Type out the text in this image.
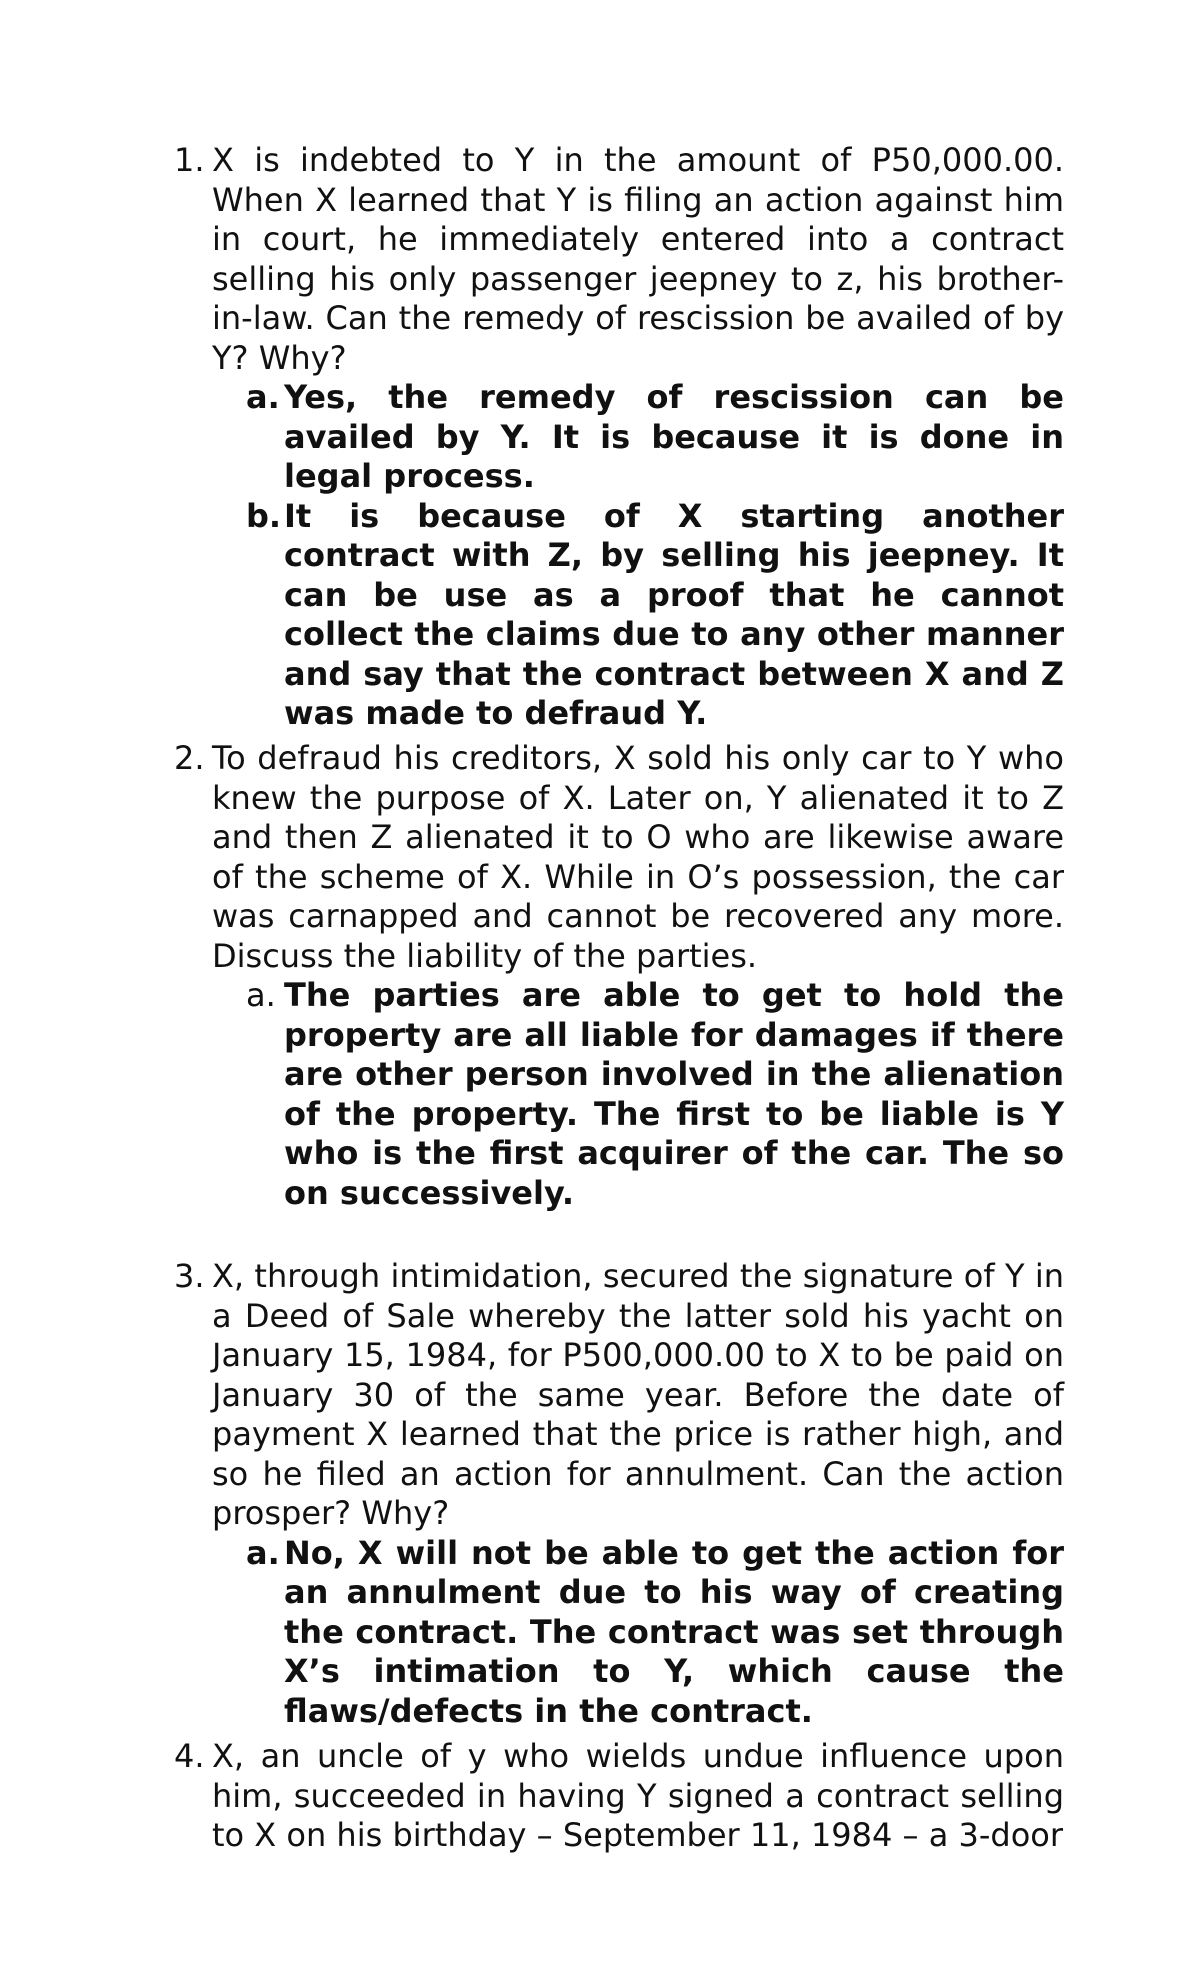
1. X is indebted to Y in the amount of P50,000.00. When X learned that Y is filing an action against him in court, he immediately entered into a contract selling his only passenger jeepney to z, his brother-in-law. Can the remedy of rescission be availed of by Y? Why?
a. Yes, the remedy of rescission can be availed by Y. It is because it is done in legal process.
b. It is because of X starting another contract with Z, by selling his jeepney. It can be use as a proof that he cannot collect the claims due to any other manner and say that the contract between X and Z was made to defraud Y.
2. To defraud his creditors, X sold his only car to Y who knew the purpose of X. Later on, Y alienated it to Z and then Z alienated it to O who are likewise aware of the scheme of X. While in O’s possession, the car was carnapped and cannot be recovered any more. Discuss the liability of the parties.
a. The parties are able to get to hold the property are all liable for damages if there are other person involved in the alienation of the property. The first to be liable is Y who is the first acquirer of the car. The so on successively.
3. X, through intimidation, secured the signature of Y in a Deed of Sale whereby the latter sold his yacht on January 15, 1984, for P500,000.00 to X to be paid on January 30 of the same year. Before the date of payment X learned that the price is rather high, and so he filed an action for annulment. Can the action prosper? Why?
a. No, X will not be able to get the action for an annulment due to his way of creating the contract. The contract was set through X’s intimation to Y, which cause the flaws/defects in the contract.
4. X, an uncle of y who wields undue influence upon him, succeeded in having Y signed a contract selling to X on his birthday – September 11, 1984 – a 3-door
